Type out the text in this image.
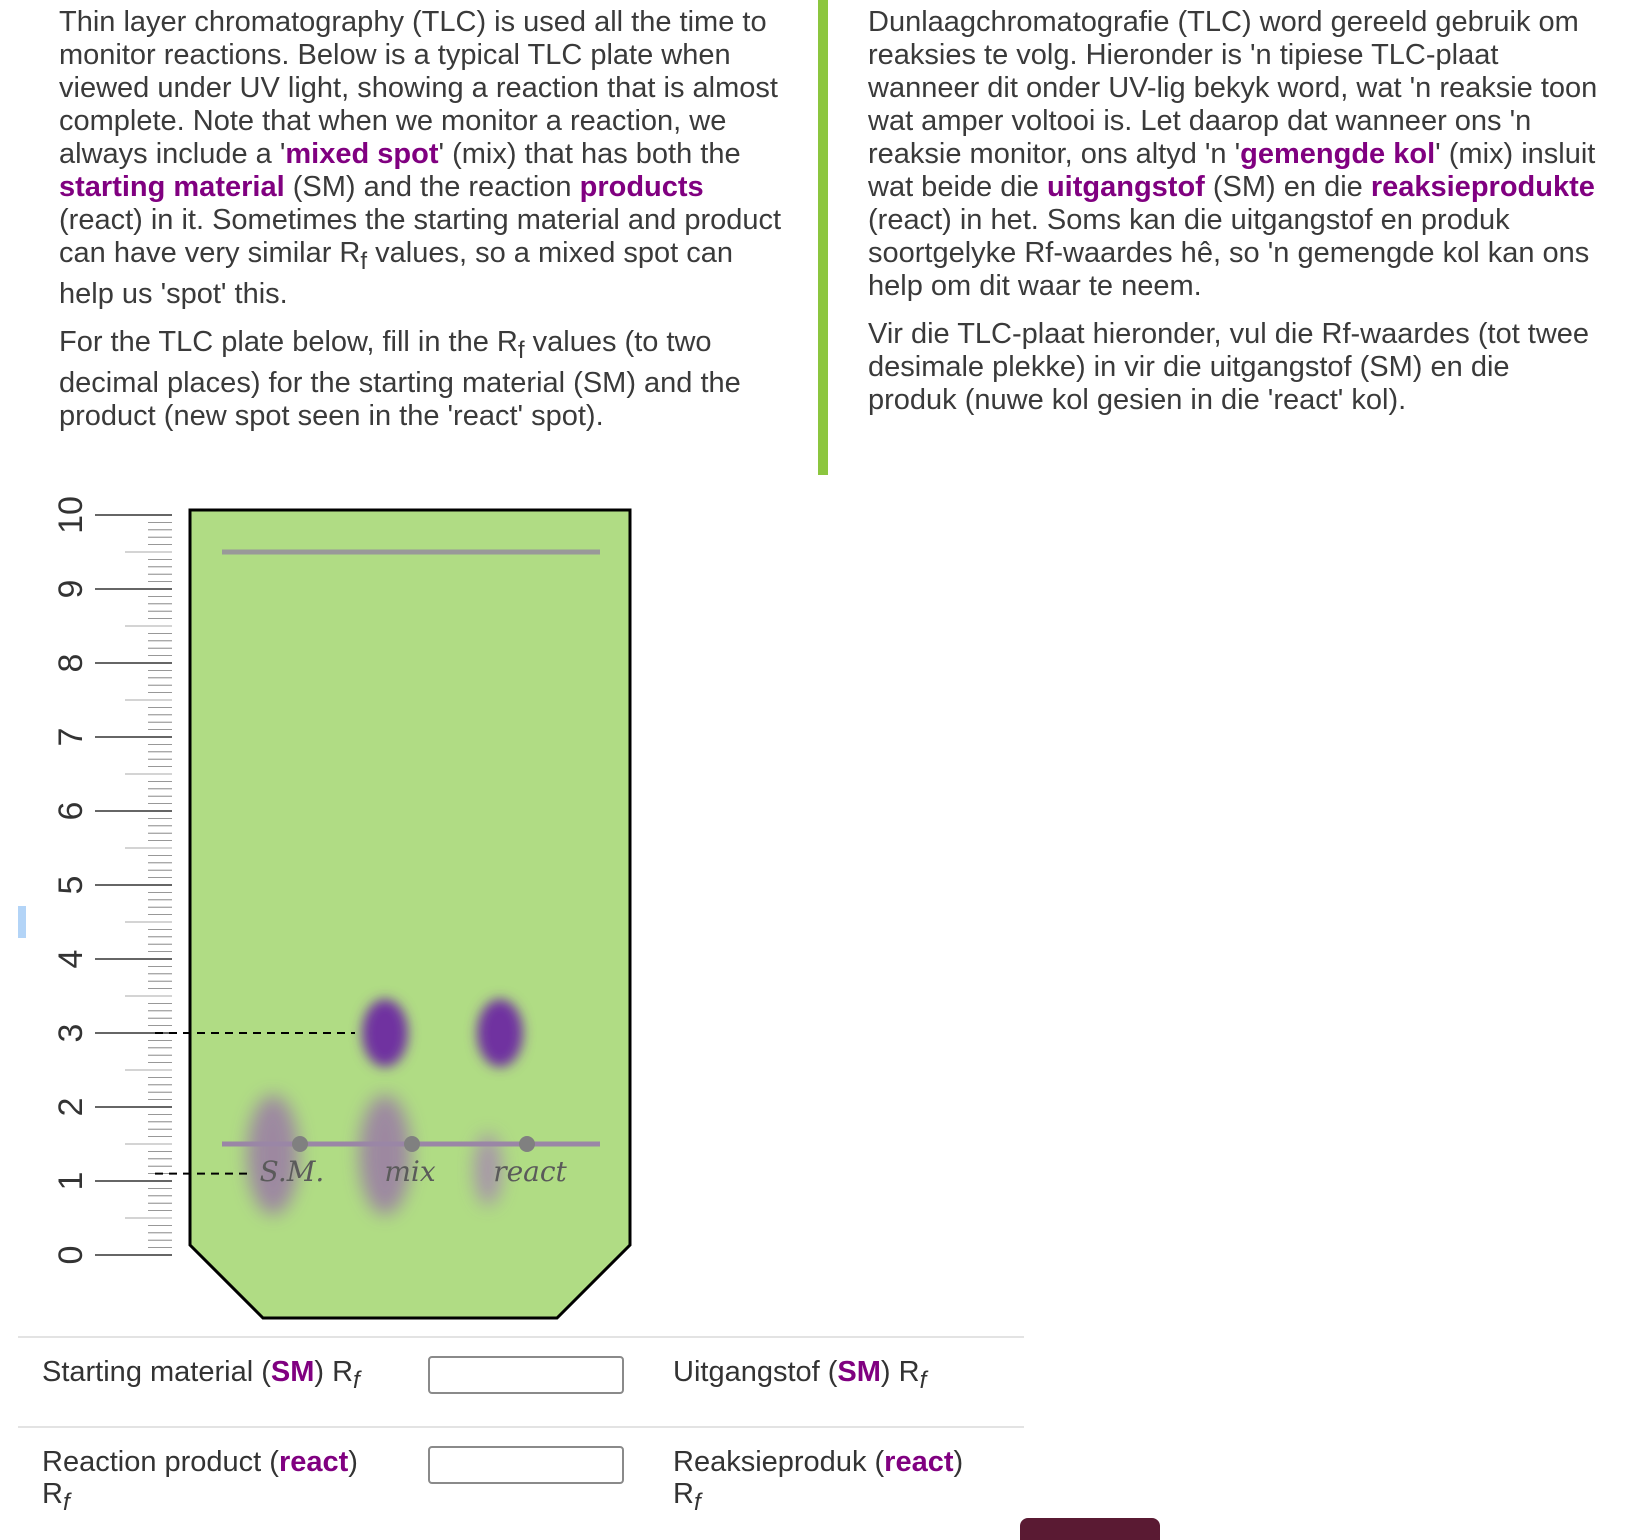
Thin layer chromatography (TLC) is used all the time to monitor reactions. Below is a typical TLC plate when viewed under UV light, showing a reaction that is almost complete. Note that when we monitor a reaction, we always include a 'mixed spot' (mix) that has both the starting material (SM) and the reaction products (react) in it. Sometimes the starting material and product can have very similar $R_f$ values, so a mixed spot can help us 'spot' this.

For the TLC plate below, fill in the $R_f$ values (to two decimal places) for the starting material (SM) and the product (new spot seen in the 'react' spot).

Dunlaagchromatografie (TLC) word gereeld gebruik om reaksies te volg. Hieronder is 'n tipiese TLC-plaat wanneer dit onder UV-lig bekyk word, wat 'n reaksie toon wat amper voltooi is. Let daarop dat wanneer ons 'n reaksie monitor, ons altyd 'n 'gemengde kol' (mix) insluit wat beide die uitgangstof (SM) en die reaksieprodukte (react) in het. Soms kan die uitgangstof en produk soortgelyke Rf-waardes hê, so 'n gemengde kol kan ons help om dit waar te neem.

Vir die TLC-plaat hieronder, vul die Rf-waardes (tot twee desimale plekke) in vir die uitgangstof (SM) en die produk (nuwe kol gesien in die 'react' kol).

0
1
2
3
4
5
6
7
8
9
10
S.M. mix react
Starting material (SM) $R_f$	Uitgangstof (SM) $R_f$
Reaction product (react)
$R_f$
Reaksieproduk (react)
$R_f$
